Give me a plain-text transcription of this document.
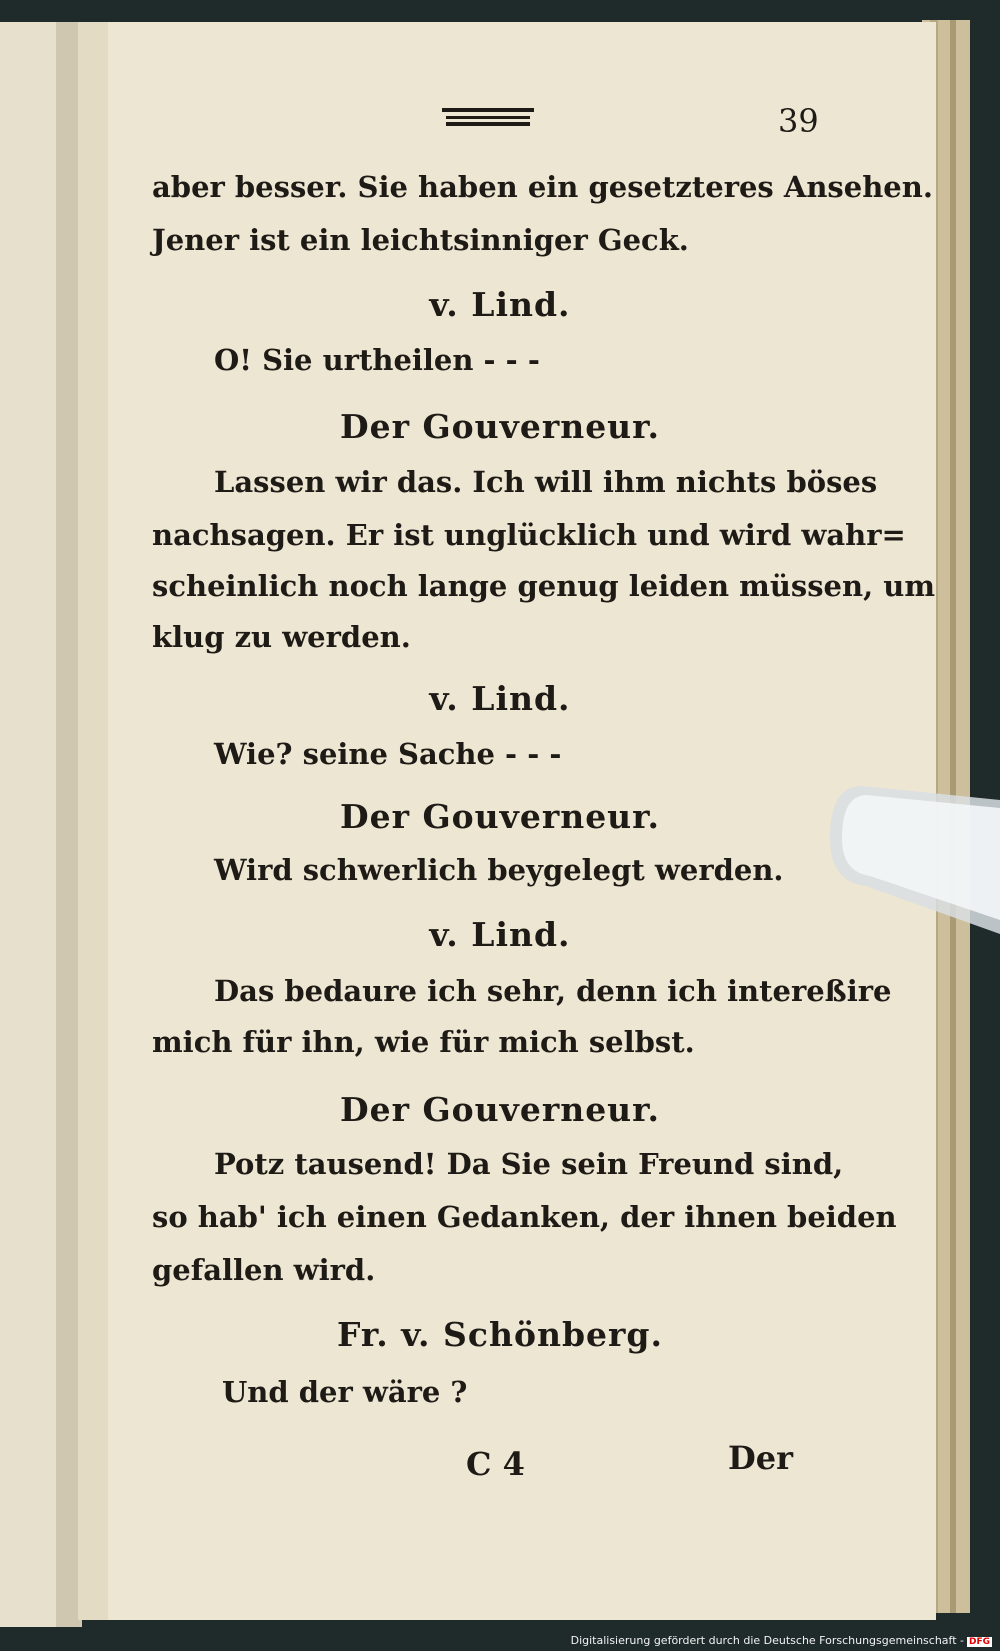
39
aber besser. Sie haben ein gesetzteres Ansehen.
Jener ist ein leichtsinniger Geck.
v. Lind.
O! Sie urtheilen - - -
Der Gouverneur.
Lassen wir das. Ich will ihm nichts böses
nachsagen. Er ist unglücklich und wird wahr=
scheinlich noch lange genug leiden müssen, um
klug zu werden.
v. Lind.
Wie? seine Sache - - -
Der Gouverneur.
Wird schwerlich beygelegt werden.
v. Lind.
Das bedaure ich sehr, denn ich intereßire
mich für ihn, wie für mich selbst.
Der Gouverneur.
Potz tausend! Da Sie sein Freund sind,
so hab' ich einen Gedanken, der ihnen beiden
gefallen wird.
Fr. v. Schönberg.
Und der wäre ?
C 4	Der
Digitalisierung gefördert durch die Deutsche Forschungsgemeinschaft - DFG
